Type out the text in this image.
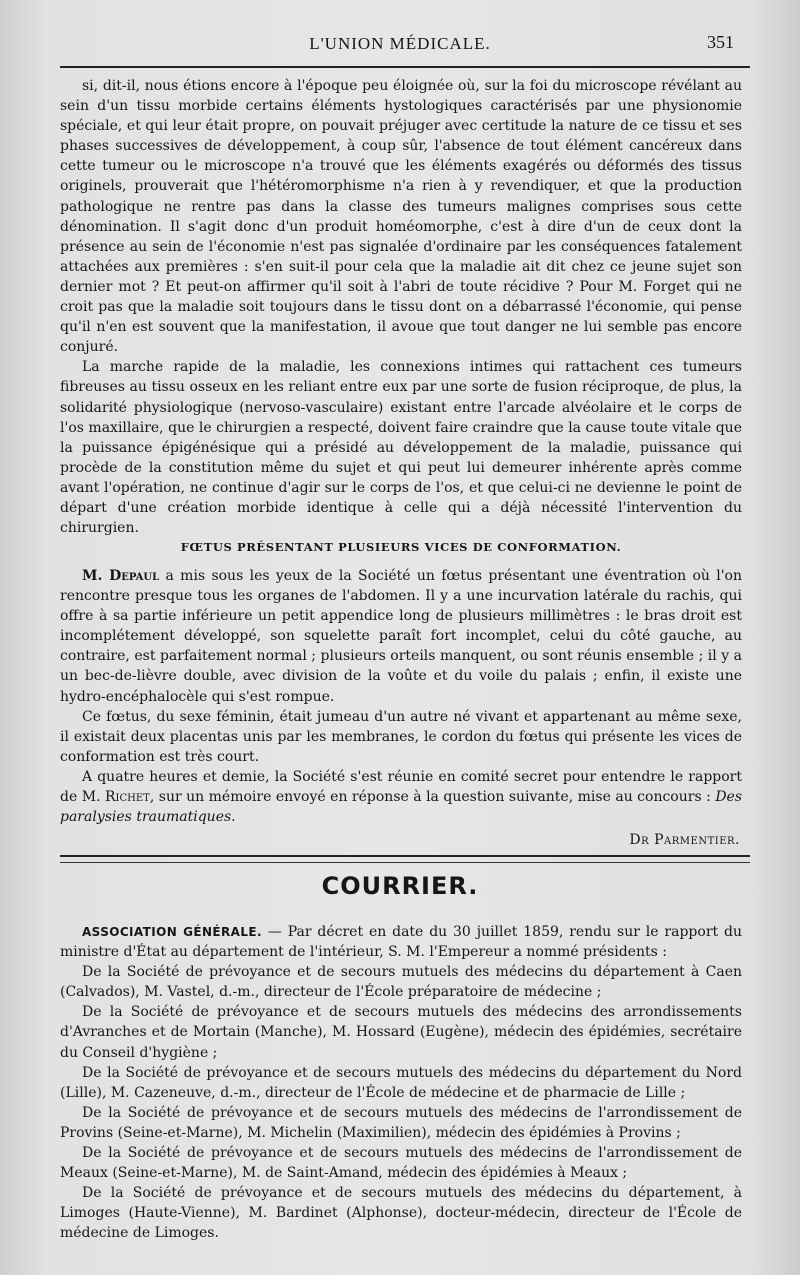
L'UNION MÉDICALE.	351

si, dit-il, nous étions encore à l'époque peu éloignée où, sur la foi du microscope révélant au sein d'un tissu morbide certains éléments hystologiques caractérisés par une physionomie spéciale, et qui leur était propre, on pouvait préjuger avec certitude la nature de ce tissu et ses phases successives de développement, à coup sûr, l'absence de tout élément cancéreux dans cette tumeur ou le microscope n'a trouvé que les éléments exagérés ou déformés des tissus originels, prouverait que l'hétéromorphisme n'a rien à y revendiquer, et que la production pathologique ne rentre pas dans la classe des tumeurs malignes comprises sous cette dénomination. Il s'agit donc d'un produit homéomorphe, c'est à dire d'un de ceux dont la présence au sein de l'économie n'est pas signalée d'ordinaire par les conséquences fatalement attachées aux premières : s'en suit-il pour cela que la maladie ait dit chez ce jeune sujet son dernier mot ? Et peut-on affirmer qu'il soit à l'abri de toute récidive ? Pour M. Forget qui ne croit pas que la maladie soit toujours dans le tissu dont on a débarrassé l'économie, qui pense qu'il n'en est souvent que la manifestation, il avoue que tout danger ne lui semble pas encore conjuré.

La marche rapide de la maladie, les connexions intimes qui rattachent ces tumeurs fibreuses au tissu osseux en les reliant entre eux par une sorte de fusion réciproque, de plus, la solidarité physiologique (nervoso-vasculaire) existant entre l'arcade alvéolaire et le corps de l'os maxillaire, que le chirurgien a respecté, doivent faire craindre que la cause toute vitale que la puissance épigénésique qui a présidé au développement de la maladie, puissance qui procède de la constitution même du sujet et qui peut lui demeurer inhérente après comme avant l'opération, ne continue d'agir sur le corps de l'os, et que celui-ci ne devienne le point de départ d'une création morbide identique à celle qui a déjà nécessité l'intervention du chirurgien.

FŒTUS PRÉSENTANT PLUSIEURS VICES DE CONFORMATION.

M. Depaul a mis sous les yeux de la Société un fœtus présentant une éventration où l'on rencontre presque tous les organes de l'abdomen. Il y a une incurvation latérale du rachis, qui offre à sa partie inférieure un petit appendice long de plusieurs millimètres : le bras droit est incomplétement développé, son squelette paraît fort incomplet, celui du côté gauche, au contraire, est parfaitement normal ; plusieurs orteils manquent, ou sont réunis ensemble ; il y a un bec-de-lièvre double, avec division de la voûte et du voile du palais ; enfin, il existe une hydro-encéphalocèle qui s'est rompue.

Ce fœtus, du sexe féminin, était jumeau d'un autre né vivant et appartenant au même sexe, il existait deux placentas unis par les membranes, le cordon du fœtus qui présente les vices de conformation est très court.

A quatre heures et demie, la Société s'est réunie en comité secret pour entendre le rapport de M. Richet, sur un mémoire envoyé en réponse à la question suivante, mise au concours : Des paralysies traumatiques.

Dr Parmentier.
COURRIER.

ASSOCIATION GÉNÉRALE. — Par décret en date du 30 juillet 1859, rendu sur le rapport du ministre d'État au département de l'intérieur, S. M. l'Empereur a nommé présidents :

De la Société de prévoyance et de secours mutuels des médecins du département à Caen (Calvados), M. Vastel, d.-m., directeur de l'École préparatoire de médecine ;

De la Société de prévoyance et de secours mutuels des médecins des arrondissements d'Avranches et de Mortain (Manche), M. Hossard (Eugène), médecin des épidémies, secrétaire du Conseil d'hygiène ;

De la Société de prévoyance et de secours mutuels des médecins du département du Nord (Lille), M. Cazeneuve, d.-m., directeur de l'École de médecine et de pharmacie de Lille ;

De la Société de prévoyance et de secours mutuels des médecins de l'arrondissement de Provins (Seine-et-Marne), M. Michelin (Maximilien), médecin des épidémies à Provins ;

De la Société de prévoyance et de secours mutuels des médecins de l'arrondissement de Meaux (Seine-et-Marne), M. de Saint-Amand, médecin des épidémies à Meaux ;

De la Société de prévoyance et de secours mutuels des médecins du département, à Limoges (Haute-Vienne), M. Bardinet (Alphonse), docteur-médecin, directeur de l'École de médecine de Limoges.
